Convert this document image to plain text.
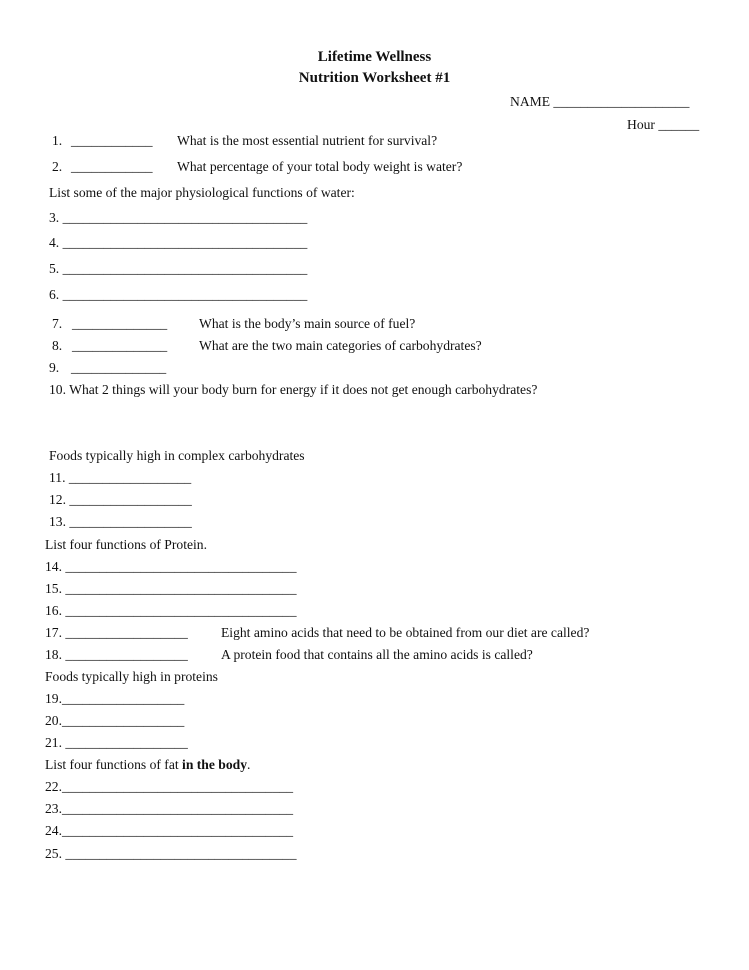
Lifetime Wellness
Nutrition Worksheet #1
NAME ____________________
Hour ______
1. ____________ What is the most essential nutrient for survival?
2. ____________ What percentage of your total body weight is water?
List some of the major physiological functions of water:
3. ____________________________________
4. ____________________________________
5. ____________________________________
6. ____________________________________
7. ______________ What is the body’s main source of fuel?
8. ______________ What are the two main categories of carbohydrates?
9. ______________
10. What 2 things will your body burn for energy if it does not get enough carbohydrates?
Foods typically high in complex carbohydrates
11. __________________
12. __________________
13. __________________
List four functions of Protein.
14. __________________________________
15. __________________________________
16. __________________________________
17. __________________ Eight amino acids that need to be obtained from our diet are called?
18. __________________ A protein food that contains all the amino acids is called?
Foods typically high in proteins
19.__________________
20.__________________
21. __________________
List four functions of fat in the body.
22.__________________________________
23.__________________________________
24.__________________________________
25. __________________________________
